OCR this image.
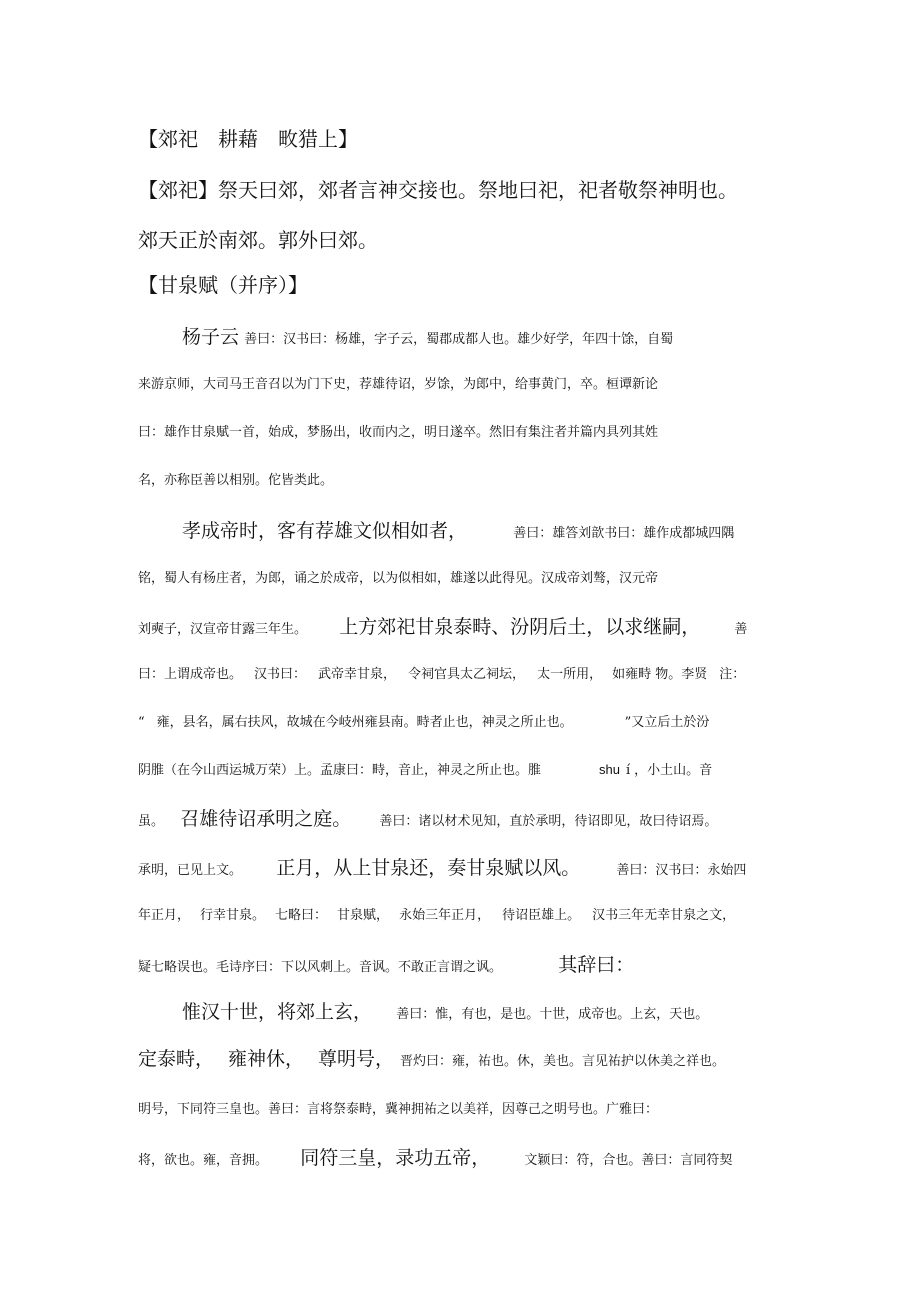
【郊祀　耕藉　畋猎上】
【郊祀】祭天曰郊，郊者言神交接也。祭地曰祀，祀者敬祭神明也。
郊天正於南郊。郭外曰郊。
【甘泉赋（并序）】
杨子云 善曰：汉书曰：杨雄，字子云，蜀郡成都人也。雄少好学，年四十馀，自蜀
来游京师，大司马王音召以为门下史，荐雄待诏，岁馀，为郎中，给事黄门，卒。桓谭新论
曰：雄作甘泉赋一首，始成，梦肠出，收而内之，明日遂卒。然旧有集注者并篇内具列其姓
名，亦称臣善以相别。佗皆类此。
孝成帝时，客有荐雄文似相如者，	善曰：雄答刘歆书曰：雄作成都城四隅
铭，蜀人有杨庄者，为郎，诵之於成帝，以为似相如，雄遂以此得见。汉成帝刘骜，汉元帝
刘奭子，汉宣帝甘露三年生。 上方郊祀甘泉泰畤、汾阴后土，以求继嗣，	善
曰：上谓成帝也。 汉书曰： 武帝幸甘泉， 令祠官具太乙祠坛， 太一所用， 如雍畤 物。李贤 注：
“ 雍，县名，属右扶风，故城在今岐州雍县南。畤者止也，神灵之所止也。	”又立后土於汾
阴脽（在今山西运城万荣）上。孟康曰：畤，音止，神灵之所止也。脽	shu í ，小土山。音
虽。 召雄待诏承明之庭。 善曰：诸以材术见知，直於承明，待诏即见，故曰待诏焉。
承明，已见上文。 正月，从上甘泉还，奏甘泉赋以风。	善曰：汉书曰：永始四
年正月， 行幸甘泉。 七略曰： 甘泉赋， 永始三年正月， 待诏臣雄上。 汉书三年无幸甘泉之文，
疑七略误也。毛诗序曰：下以风刺上。音讽。不敢正言谓之讽。	其辞曰：
惟汉十世，将郊上玄， 善曰：惟，有也，是也。十世，成帝也。上玄，天也。
定泰畤， 雍神休， 尊明号， 晋灼曰：雍，祐也。休，美也。言见祐护以休美之祥也。
明号，下同符三皇也。善曰：言将祭泰畤，冀神拥祐之以美祥，因尊己之明号也。广雅曰：
将，欲也。雍，音拥。 同符三皇，录功五帝，	文颖曰：符，合也。善曰：言同符契
